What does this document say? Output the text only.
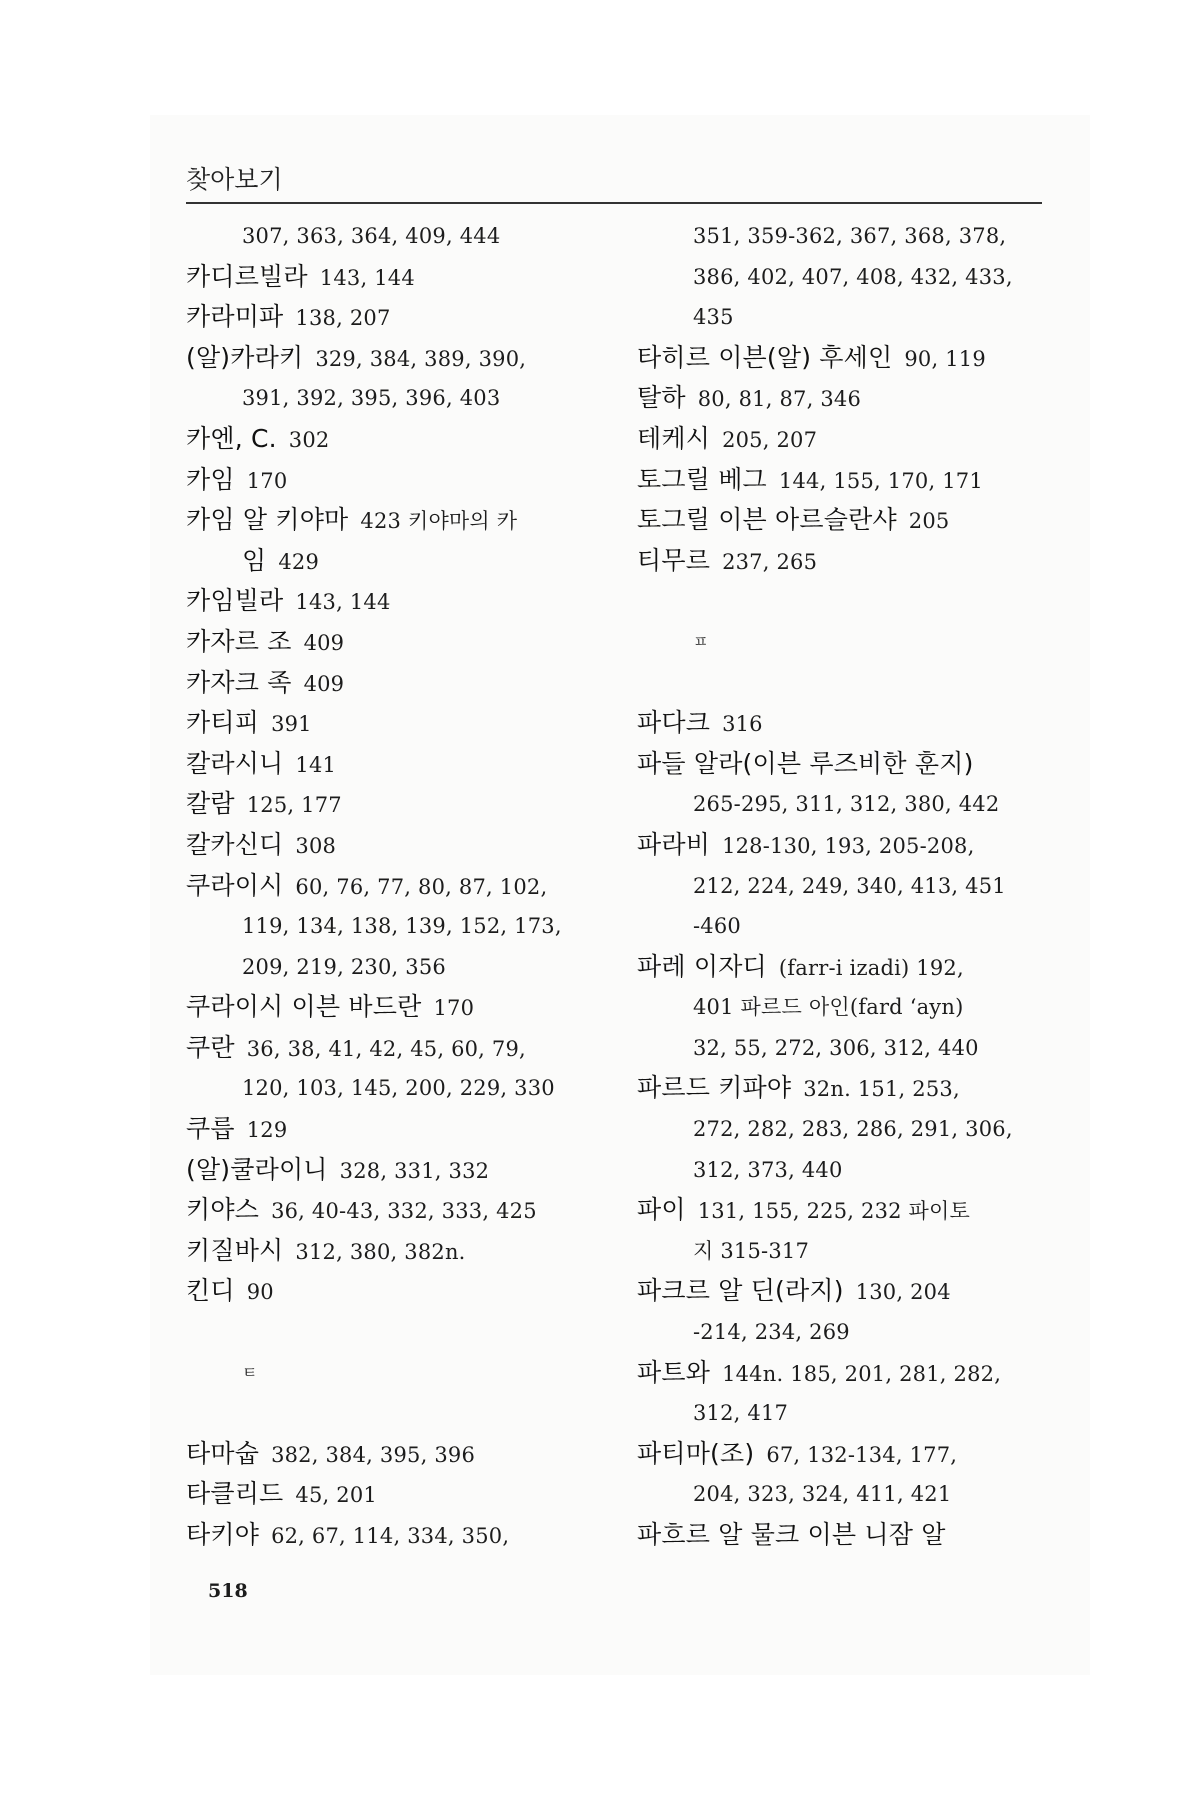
찾아보기
307, 363, 364, 409, 444
카디르빌라 143, 144
카라미파 138, 207
(알)카라키 329, 384, 389, 390,
391, 392, 395, 396, 403
카엔, C. 302
카임 170
카임 알 키야마 423 키야마의 카
임 429
카임빌라 143, 144
카자르 조 409
카자크 족 409
카티피 391
칼라시니 141
칼람 125, 177
칼카신디 308
쿠라이시 60, 76, 77, 80, 87, 102,
119, 134, 138, 139, 152, 173,
209, 219, 230, 356
쿠라이시 이븐 바드란 170
쿠란 36, 38, 41, 42, 45, 60, 79,
120, 103, 145, 200, 229, 330
쿠릅 129
(알)쿨라이니 328, 331, 332
키야스 36, 40-43, 332, 333, 425
키질바시 312, 380, 382n.
킨디 90
ㅌ
타마숩 382, 384, 395, 396
타클리드 45, 201
타키야 62, 67, 114, 334, 350,
351, 359-362, 367, 368, 378,
386, 402, 407, 408, 432, 433,
435
타히르 이븐(알) 후세인 90, 119
탈하 80, 81, 87, 346
테케시 205, 207
토그릴 베그 144, 155, 170, 171
토그릴 이븐 아르슬란샤 205
티무르 237, 265
ㅍ
파다크 316
파들 알라(이븐 루즈비한 훈지)
265-295, 311, 312, 380, 442
파라비 128-130, 193, 205-208,
212, 224, 249, 340, 413, 451
-460
파레 이자디 (farr-i izadi) 192,
401 파르드 아인(fard ‘ayn)
32, 55, 272, 306, 312, 440
파르드 키파야 32n. 151, 253,
272, 282, 283, 286, 291, 306,
312, 373, 440
파이 131, 155, 225, 232 파이토
지 315-317
파크르 알 딘(라지) 130, 204
-214, 234, 269
파트와 144n. 185, 201, 281, 282,
312, 417
파티마(조) 67, 132-134, 177,
204, 323, 324, 411, 421
파흐르 알 물크 이븐 니잠 알
518
